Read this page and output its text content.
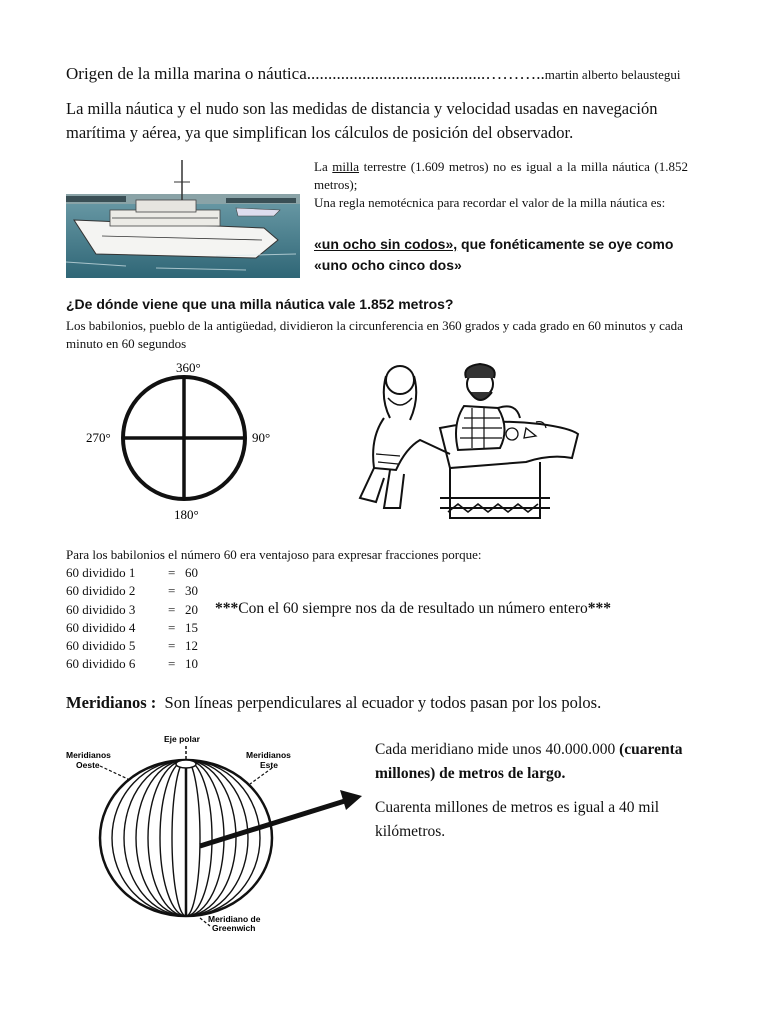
Origen de la milla marina o náutica..........................................………..martin alberto belaustegui
La milla náutica y el nudo son las medidas de distancia y velocidad usadas en navegación marítima y aérea, ya que simplifican los cálculos de posición del observador.
La milla terrestre (1.609 metros) no es igual a la milla náutica (1.852 metros);
Una regla nemotécnica para recordar el valor de la milla náutica es:
«un ocho sin codos», que fonéticamente se oye como «uno ocho cinco dos»
¿De dónde viene que una milla náutica vale 1.852 metros?
Los babilonios, pueblo de la antigüedad, dividieron la circunferencia en 360 grados y cada grado en 60 minutos y cada minuto en 60 segundos
360°
90°
180°
270°
Para los babilonios el número 60 era ventajoso para expresar fracciones porque:
60 dividido 1	= 60
60 dividido 2	= 30
60 dividido 3	= 20
60 dividido 4	= 15
60 dividido 5	= 12
60 dividido 6	= 10
***Con el 60 siempre nos da de resultado un número entero***
Meridianos :  Son líneas perpendiculares al ecuador y todos pasan por los polos.
Eje polar
Meridianos
Oeste
Meridianos
Este
Meridiano de
Greenwich
Cada meridiano mide unos 40.000.000 (cuarenta millones) de metros de largo.
Cuarenta millones de metros es igual a 40 mil kilómetros.
